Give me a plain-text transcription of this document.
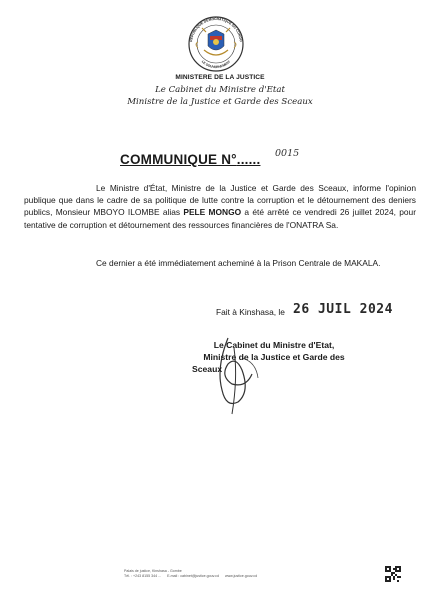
RÉPUBLIQUE DÉMOCRATIQUE DU CONGO
LE GOUVERNEMENT
MINISTERE DE LA JUSTICE
Le Cabinet du Ministre d'Etat
Ministre de la Justice et Garde des Sceaux
COMMUNIQUE N°...... 0015
Le Ministre d'État, Ministre de la Justice et Garde des Sceaux, informe l'opinion publique que dans le cadre de sa politique de lutte contre la corruption et le détournement des deniers publics, Monsieur MBOYO ILOMBE alias PELE MONGO a été arrêté ce vendredi 26 juillet 2024, pour tentative de corruption et détournement des ressources financières de l'ONATRA Sa.
Ce dernier a été immédiatement acheminé à la Prison Centrale de MAKALA.
Fait à Kinshasa, le 26 JUIL 2024
Le Cabinet du Ministre d'Etat,
Ministre de la Justice et Garde des
Sceaux
Palais de justice, Kinshasa - Gombe
Tél. : +243 8155 344 ... E-mail : cabinet@justice.gouv.cd www.justice.gouv.cd
